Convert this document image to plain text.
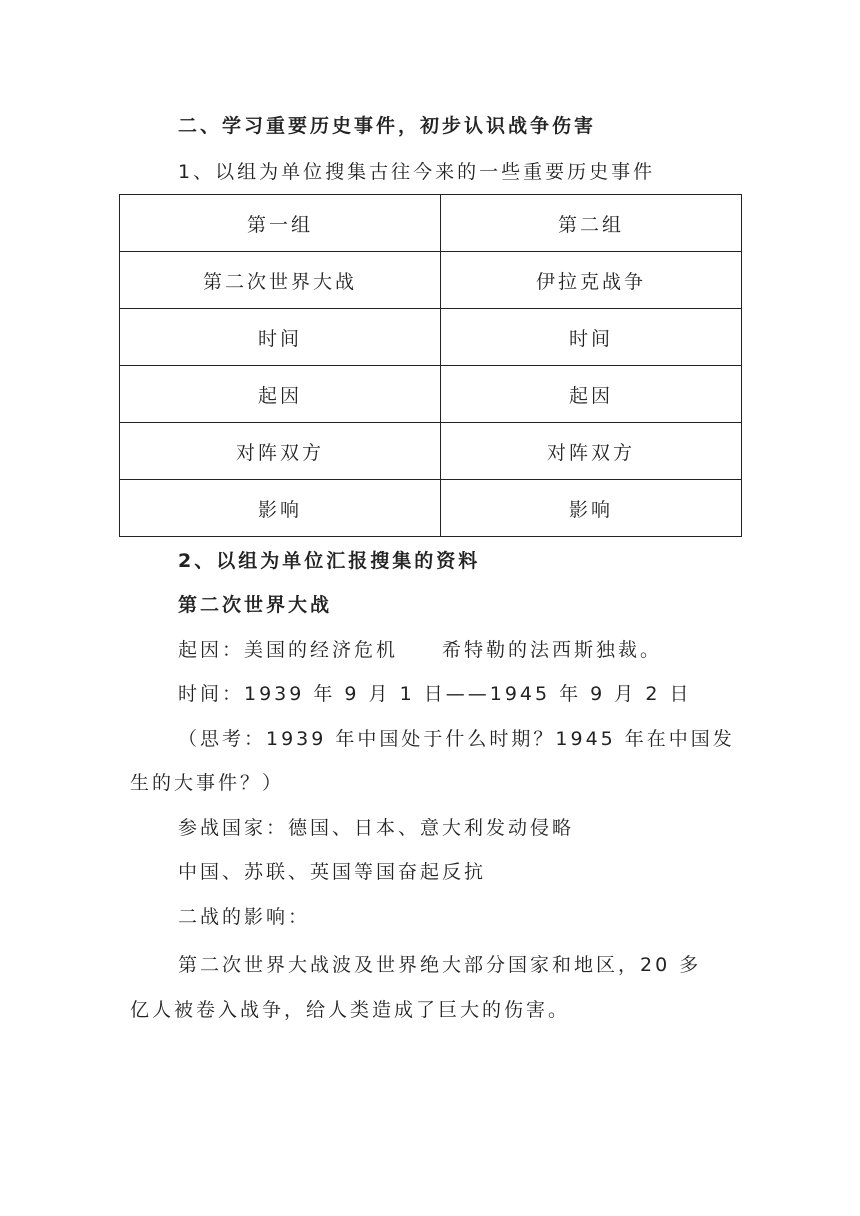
二、学习重要历史事件，初步认识战争伤害
1、以组为单位搜集古往今来的一些重要历史事件
第一组	第二组
第二次世界大战	伊拉克战争
时间	时间
起因	起因
对阵双方	对阵双方
影响	影响
2、以组为单位汇报搜集的资料
第二次世界大战
起因：美国的经济危机　　希特勒的法西斯独裁。
时间：1939 年 9 月 1 日——1945 年 9 月 2 日
（思考：1939 年中国处于什么时期？1945 年在中国发
生的大事件？）
参战国家：德国、日本、意大利发动侵略
中国、苏联、英国等国奋起反抗
二战的影响：
第二次世界大战波及世界绝大部分国家和地区，20 多
亿人被卷入战争，给人类造成了巨大的伤害。
